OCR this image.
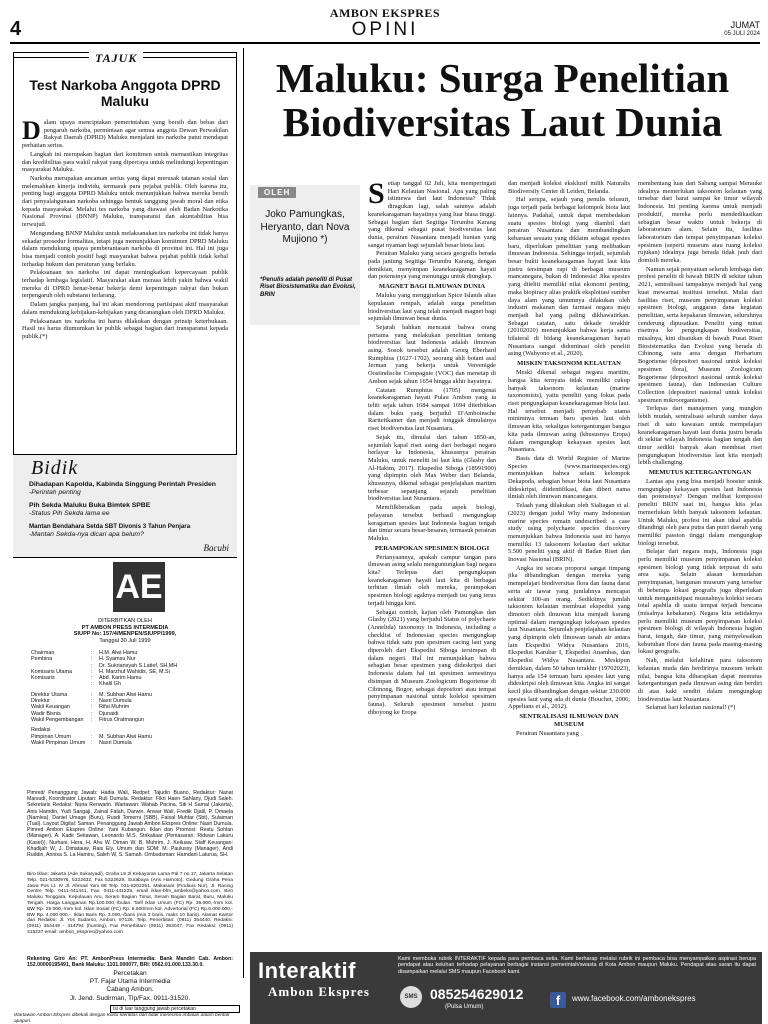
4
AMBON EKSPRES
OPINI	JUMAT
05 JULI 2024
TAJUK
Test Narkoba Anggota DPRD Maluku
D alam upaya menciptakan pemerintahan yang bersih dan bebas dari pengaruh narkoba, permintaan agar semua anggota Dewan Perwakilan Rakyat Daerah (DPRD) Maluku menjalani tes narkoba patut mendapat perhatian serius.

Langkah ini merupakan bagian dari komitmen untuk memastikan integritas dan kredibilitas para wakil rakyat yang dipercaya untuk melindungi kepentingan masyarakat Maluku.

Narkoba merupakan ancaman serius yang dapat merusak tatanan sosial dan melemahkan kinerja individu, termasuk para pejabat publik. Oleh karena itu, penting bagi anggota DPRD Maluku untuk menunjukkan bahwa mereka bersih dari penyalahgunaan narkoba sehingga bentuk tanggung jawab moral dan etika kepada masyarakat. Melalui tes narkoba yang diawasi oleh Badan Narkotika Nasional Provinsi (BNNP) Maluku, transparansi dan akuntabilitas bisa terwujud.

Mengundang BNNP Maluku untuk melaksanakan tes narkoba ini tidak hanya sekadar prosedur formalitas, tetapi juga menunjukkan komitmen DPRD Maluku dalam mendukung upaya pemberantasan narkoba di provinsi ini. Hal ini juga bisa menjadi contoh positif bagi masyarakat bahwa pejabat publik tidak kebal terhadap hukum dan peraturan yang berlaku.

Pelaksanaan tes narkoba ini dapat meningkatkan kepercayaan publik terhadap lembaga legislatif. Masyarakat akan merasa lebih yakin bahwa wakil mereka di DPRD benar-benar bekerja demi kepentingan rakyat dan bukan terpengaruh oleh substansi terlarang.

Dalam jangka panjang, hal ini akan mendorong partisipasi aktif masyarakat dalam mendukung kebijakan-kebijakan yang dicanangkan oleh DPRD Maluku.

Pelaksanaan tes narkoba ini harus dilakukan dengan prinsip keterbukaan. Hasil tes harus diumumkan ke publik sebagai bagian dari transparansi kepada publik.(*)

Bidik
Dihadapan Kapolda, Kabinda Singgung Perintah Presiden
-Perintah penting
Pih Sekda Maluku Buka Bimtek SPBE
-Status Pih Sekda lama ee
Mantan Bendahara Setda SBT Divonis 3 Tahun Penjara
-Mantan Sekda-nya dicari apa belum?
Bacubi
AE
DITERBITKAN OLEH
PT AMBON PRESS INTERMEDIA
SIUPP No: 157/4/MENPEN/SIUPP/1999,
Tanggal 30 Juli 1999
Chairman	:	H.M. Alwi Hamu
Pembina	:	H. Syamsu Nur
:	Dr. Sukriansyah S.Latief, SH,MH
Komisaris Utama	:	H. Marzhuf Wahidis, SE, M.Si
Komisaris	:	Abd. Karim Hamu
:	Khalil Gh
Direktur Utama	:	M. Subhan Alwi Hamu
Direktur	:	Nasri Dumula
Wakil Keuangan	:	Rifai Muhrim
Wadir Bisnis	:	Djunaidi
Wakil Pengembangan	:	Fitrus Oratmangun
Redaksi
Pimpinan Umum	:	M. Subhan Alwi Hamu
Wakil Pimpinan Umum	:	Nasri Dumula
Pimred/ Penanggung Jawab: Hadia Wali, Redpel: Tajudin Buano, Redaktur: Nanat Marsudi, Koordinator Liputan: Ruli Dumula. Redaktur: Fikri Haen Sahlany, Djudi Saleh. Sekretaris Redaksi: Nuria Renwarin. Wartawan: Wahab Pacina, Siti H Samal (Jakarta), Anis Hamdin, Yudi Sangaji, Zainal Fatah, Darwin. Anwar Wali, Fredik Djalil, P. Dmaela (Namlea), Daniel Umage (Buru), Rusdi Tomerni (SBB), Faisal Muhtar (Sbt), Sulaiman (Tual). Layout Digital: Saman. Penanggung Jawab Ambon Ekspres Online: Nasri Dumula. Pimred Ambon Ekspres Online: Yani Kubangun. Iklan dan Promosi: Restu Sohlan (Manager), A. Kadir Setiawan, Leonardo M.S. Strikaliaar (Pemasaran: Ridwan Lakuru (Kaset)), Nurhani, Hera, H. Ahu W. Diman W. B. Muhrim, J. Keiluaw. Staff Keuangan: Khadijah W, J. Dimatauw, Rais Ely. Umum dan SDM: M. Paulussy (Manager), Andi Ruddin, Annisa S. La Hamiru, Saleh W, S. Samah. Ombudsman: Hamdani Laturua, SH.
Biro Iklan: Jakarta (Ade Sukaryadi), Graha L9 2l Kebayoran Lama Pal 7 no.17, Jakarta Selatan Telp. 021-5330976, 5322632, Fax 5322629. Surabaya (Aris Harnoto), Gedung Graha Pena Jawa Pos Lt. IV Jl. Ahmad Yani 88 Telp. 031-8202251. Makassar (Findaus Nur), Jl. Racing Centre Telp. 0411-441441, Fax. 0411-441225, email iklan-bfm_ambeks@yahoo.com. Biro Maluku Tenggara, Kepulauan Aru, Seram Bagian Timur, Seram Bagian Barat, Buru, Maluku Tengah. Harga Langganan Rp.100.000,-/bulan. Tarif Iklan Umum (FC) Rp. 35.000,-/mm kol. BW Rp. 25.000,-/mm kol. Iklan Sosial (FC) Rp. 8.500/mm kol. Advertorial (FC) Rp.6.000.000,- BW Rp. 4.000.000,-. Iklan Baris Rp. 3.000,-/baris (min 2 baris, maks 10 baris). Alamat Kantor dan Redaksi: Jl. Yos Sudarso, Ambon, 97126. Telp. Penerbitan: (0911) 354440, Redaksi: (0911) 354449 - 314794 (hunting), Fax Penerbitan: (0911) 353047, Fax Redaksi: (0911) 315237 email: ambon_ekspres@yahoo.com.
Rekening Giro An: PT. AmbonPress Intermedia: Bank Mandiri Cab. Ambon: 152.00000195491, Bank Maluku: 1101.000077, BRI: 0562.01.000.133.30.0.
Percetakan
PT. Fajar Utama Intermedia
Cabang Ambon.
Jl. Jend. Sudirman, Tlp/Fax. 0911-31520.
Isi di luar tanggung jawab percetakan
Wartawan Ambon Ekspres dibekali dengan Kartu Identitas dan tidak menerima imbalan dalam bentuk apapun.
Maluku: Surga Penelitian Biodiversitas Laut Dunia
OLEH
Joko Pamungkas, Heryanto, dan Nova Mujiono *)
*Penulis adalah peneliti di Pusat Riset Biosistematika dan Evolusi, BRIN
S etiap tanggal 02 Juli, kita memperingati Hari Kelautan Nasional. Apa yang paling istimewa dari laut Indonesia? Tidak diragukan lagi, salah satunya adalah keanekaragaman hayatinya yang luar biasa tinggi. Sebagai bagian dari Segitiga Terumbu Karang yang dikenal sebagai pusat biodiversitas laut dunia, perairan Nusantara menjadi hunian yang sangat nyaman bagi sejumlah besar biota laut.

Perairan Maluku yang secara geografis berada pada jantung Segitiga Terumbu Karang, dengan demikian, menyimpan keanekaragaman hayati dan potensinya yang menunggu untuk diungkap.

MAGNET BAGI ILMUWAN DUNIA

Maluku yang menggiurkan Spice Islands alias kepulauan rempah, adalah surga penelitian biodiversitas laut yang telah menjadi magnet bagi sejumlah ilmuwan besar dunia.

Sejarah bahkan mencatat bahwa orang pertama yang melakukan penelitian tentang biodiversitas laut Indonesia adalah ilmuwan asing. Sosok tersebut adalah Georg Eberhard Rumphius (1627-1702), seorang ahli botani asal Jerman yang bekerja untuk Vereenigde Oostindische Compagnie (VOC) dan menetap di Ambon sejak tahun 1654 hingga akhir hayatnya.

Catatan Rumphius (1705) mengenai keanekaragaman hayati Pulau Ambon yang ia teliti sejak tahun 1684 sampai 1694 diterbitkan dalam buku yang berjudul D'Amboinsche Rariteitkamer dan menjadi tonggak dimulainya riset biodiversitas laut Nusantara.

Sejak itu, dimulai dari tahun 1850-an, sejumlah kapal riset asing dari berbagai negara berlayar ke Indonesia, khususnya perairan Maluku, untuk meneliti isi laut kita (Glasby dan Al-Hakim, 2017). Ekspedisi Siboga (18991900) yang dipimpin oleh Max Weber dari Belanda, khususnya, dikenal sebagai penjelajahan maritim terbesar sepanjang sejarah penelitian biodiversitas laut Nusantara.

Memfilkberatkan pada aspek biologi, pelayaran tersebut berhasil mengungkap keragaman spesies laut Indonesia bagian tengah dan timur secara besar-besaran, termasuk perairan Maluku.

PERAMPOKAN SPESIMEN BIOLOGI

Pertanyaannya, apakah campur tangan para ilmuwan asing selalu menguntungkan bagi negara kita? Terlepas dari pengungkapan keanekaragaman hayati laut kita di berbagai terbitan ilmiah oleh mereka, perampokan spesimen biologi agaknya menjadi isu yang terus terjadi hingga kini.

Sebagai contoh, kajian oleh Pamungkas dan Glasby (2021) yang berjudul Status of polychaete (Annelida) taxonomy in Indonesia, including a checklist of Indonesian species mengungkap bahwa tidak satu pun spesimen cacing laut yang diperoleh dari Ekspedisi Siboga tersimpan di dalam negeri. Hal ini menunjukkan bahwa sebagian besar spesimen yang dideskripsi dari Indonesia dalam hal ini spesimen semestinya disimpan di Museum Zoologicum Bogoriense di Cibinong, Bogor, sebagai depositori atau tempat penyimpanan nasional untuk koleksi spesimen fauna). Seluruh spesimen tersebut justru diboyong ke Eropa

dan menjadi koleksi eksklusif milik Naturalis Biodiversity Center di Leiden, Belanda.

Hal serupa, sejauh yang penulis telusuri, juga terjadi pada berbagai kelompok biota laut lainnya. Padahal, untuk dapat membedakan suatu spesies biologi yang diambil dari perairan Nusantara dan membandingkan kebaruan sesuatu yang diklaim sebagai spesies baru, diperlukan penelitian yang melibatkan ilmuwan Indonesia. Sehingga terjadi, sejumlah besar bukti keanekaragaman hayati laut kita justru tersimpan rapi di berbagai museum mancanegara, bukan di Indonesia! Jika spesies yang diteliti memiliki nilai ekonomi penting, maka biopiracy alias praktik eksploitasi sumber daya alam yang umumnya dilakukan oleh industri makanan dan farmasi negara maju menjadi hal yang paling dikhawatirkan. Sebagai catatan, satu dekade terakhir (20102020) menunjukkan bahwa kerja sama bilateral di bidang keanekaragaman hayati Nusantara sangat didominasi oleh peneliti asing (Wahyono et al., 2020).

MISKIN TAKSONOM KELAUTAN

Meski dikenal sebagai negara maritim, bangsa kita ternyata tidak memiliki cukup banyak taksonom kelautan (marine taxonomists), yaitu peneliti yang fokus pada riset pengungkapan keanekaragaman biota laut. Hal tersebut menjadi penyebab utama minimnya temuan baru spesies laut oleh ilmuwan kita, sekaligus ketergantungan bangsa kita pada ilmuwan asing (khususnya Eropa) dalam mengungkap kekayaan spesies laut Nusantara.

Basis data di World Register of Marine Species (www.marinespecies.org) menunjukkan bahwa selain kelompok Dekapoda, sebagian besar biota laut Nusantara dideskripsi, diidentifikasi, dan diberi nama ilmiah oleh ilmuwan mancanegara.

Telaah yang dilakukan oleh Sialiagan et al. (2023) dengan judul Why many Indonesian marine species remain undescribed: a case study using polychaete species discovery menunjukkan bahwa Indonesia saat ini hanya memiliki 13 taksonom kelautan dari sekitar 5.500 peneliti yang aktif di Badan Riset dan Inovasi Nasional (BRIN).

Angka ini secara proporsi sangat timpang jika dibandingkan dengan mereka yang mempelajari biodiversitas flora dan fauna darat serta air tawar yang jumlahnya mencapai sekitar 100-an orang. Sedikitnya jumlah taksonom kelautan membuat ekspedisi yang dimotori oleh ilmuwan kita menjadi kurang optimal dalam mengungkap kekayaan spesies laut Nusantara. Sejumlah penjelajahan kelautan yang dipimpin oleh ilmuwan tanah air antara lain Ekspedisi Widya Nusantara 2016, Ekspedisi Karubar I, Ekspedisi Anambas, dan Ekspedisi Widya Nusantara. Meskipun demikian, dalam 50 tahun terakhir (19702023), hanya ada 154 temuan baru spesies laut yang dideskripsi oleh ilmuwan kita. Angka ini sangat kecil jika dibandingkan dengan sekitar 230.000 spesies laut yang ada di dunia (Bouchet, 2006; Appeltans et al., 2012).

SENTRALISASI ILMUWAN DAN MUSEUM

Perairan Nusantara yang

membentang luas dari Sabang sampai Merauke idealnya memerlukan taksonom kelautan yang tersebar dari barat sampai ke timur wilayah Indonesia. Ini penting karena untuk menjadi produktif, mereka perlu mendedikasikan sebagian besar waktu untuk bekerja di laboratorium alam. Selain itu, fasilitas laboratorium dan tempat penyimpanan koleksi spesimen (seperti museum atau ruang koleksi rujukan) idealnya juga berada tidak jauh dari domisili mereka.

Namun sejak penyatuan seluruh lembaga dan profesi peneliti di bawah BRIN di sekitar tahun 2021, sentralisasi tampaknya menjadi hal yang kuat mewarnai institusi tersebut. Mulai dari fasilitas riset, museum penyimpanan koleksi spesimen biologi, anggaran dana kegiatan penelitian, serta kepakaran ilmuwan, seluruhnya cenderung dipusatkan. Peneliti yang minat risetnya ke pengungkapan biodiversitas, misalnya, kini disatukan di bawah Pusat Riset Biosistematika dan Evolusi yang berada di Cibinong, satu area dengan Herbarium Bogoriense (depositori nasional untuk koleksi spesimen flora), Museum Zoologicum Bogoriense (depositori nasional untuk koleksi spesimen fauna), dan Indonesian Culture Collection (depositori nasional untuk koleksi spesimen mikroorganisme).

Terlepas dari manajemen yang mungkin lebih mudah, sentralisasi seluruh sumber daya riset di satu kawasan untuk mempelajari keanekaragaman hayati laut dunia justru berada di sekitar wilayah Indonesia bagian tengah dan timur sedikit banyak akan membuat riset pengungkapan biodiversitas laut kita menjadi lebih challenging.

MEMUTUS KETERGANTUNGAN

Lantas apa yang bisa menjadi booster untuk mengungkap kekayaan spesies laut Indonesia dan potensinya? Dengan melihat komposisi peneliti BRIN saat ini, bangsa kita jelas memerlukan lebih banyak taksonom kelautan. Untuk Maluku, profesi ini akan ideal apabila ditandingi oleh para putra dan putri daerah yang memiliki passion tinggi dalam mengungkap biologi tersebut.

Belajar dari negara maju, Indonesia juga perlu memiliki museum penyimpanan koleksi spesimen biologi yang tidak terpusat di satu area saja. Selain alasan kemudahan penyimpanan, bangunan museum yang tersebar di beberapa lokasi geografis juga diperlukan untuk mengantisipasi musnahnya koleksi secara total apabila di suatu tempat terjadi bencana (misalnya kebakaran). Negara kita setidaknya perlu memiliki museum penyimpanan koleksi spesimen biologi di wilayah Indonesia bagian barat, tengah, dan timur, yang menyelesaikan kebutuhan flora dan fauna pada masing-masing lokasi geografis.

Nah, melalui kelahiran para taksonom kelautan muda dan berdirinya museum terkait nilai, bangsa kita diharapkan dapat memutus ketergantungan pada ilmuwan asing dan berdiri di atas kaki sendiri dalam mengungkap biodiversitas laut Nusantara.

Selamat hari kelautan nasional! (*)

Interaktif
Ambon Ekspres
Kami membuka rubrik INTERAKTIF kepada para pembaca setia. Kami berharap melalui rubrik ini pembaca bisa menyampaikan aspirasi berupa pendapat atau keluhan terhadap pelayanan berbagai instansi pemerintah/swasta di Kota Ambon maupun Maluku. Pendapat atau saran itu dapat disampaikan melalui SMS maupun Facebook kami.
SMS 085254629012
(Pulsa Umum)	f	www.facebook.com/ambonekspres
